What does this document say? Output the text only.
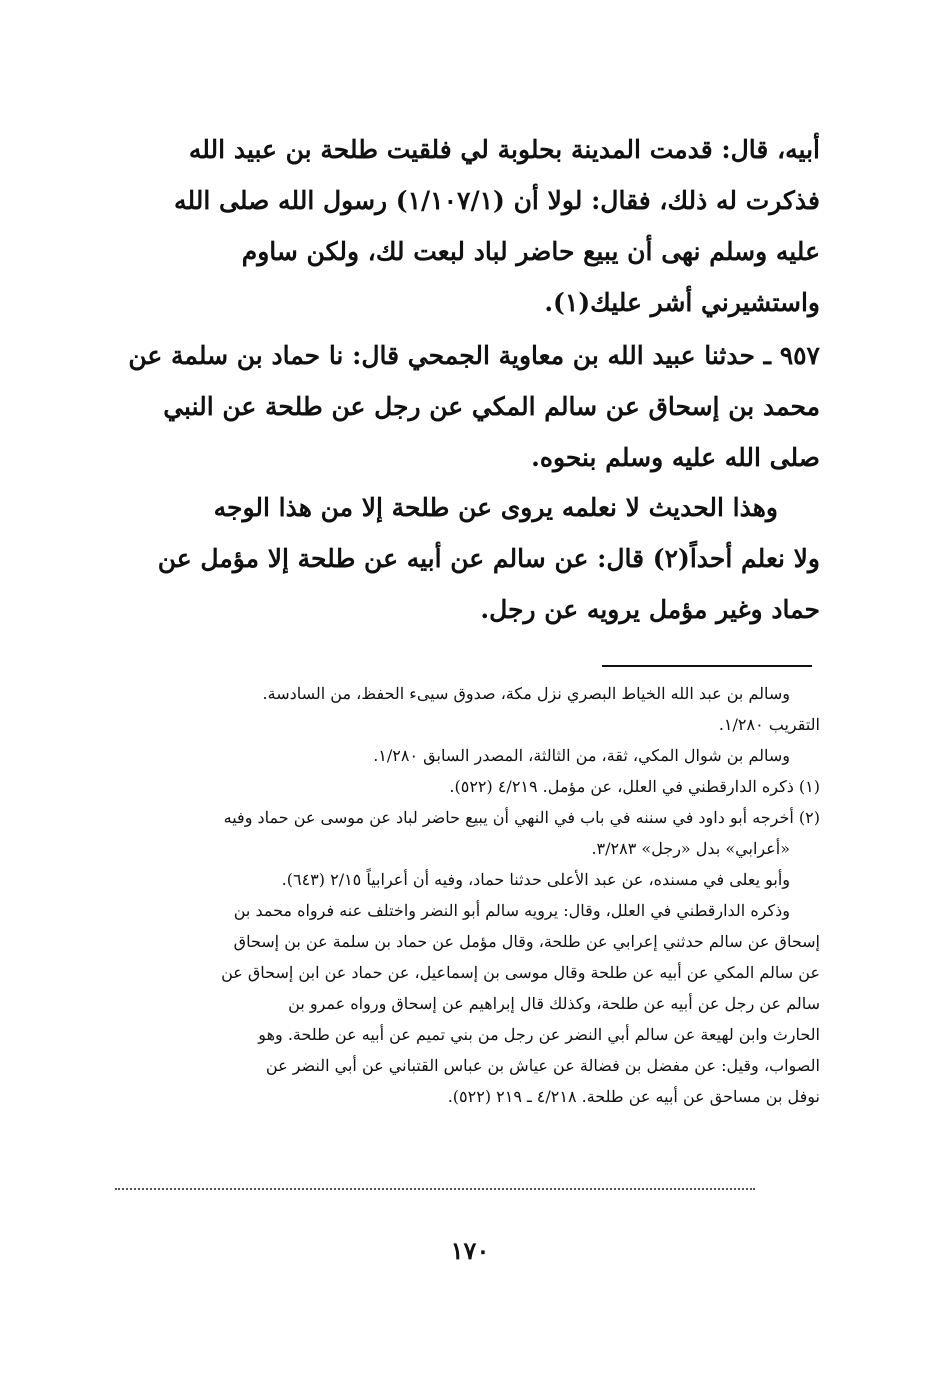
أبيه، قال: قدمت المدينة بحلوبة لي فلقيت طلحة بن عبيد الله
فذكرت له ذلك، فقال: لولا أن (١/١٠٧/١) رسول الله صلى الله
عليه وسلم نهى أن يبيع حاضر لباد لبعت لك، ولكن ساوم
واستشيرني أشر عليك(١).
٩٥٧ ـ حدثنا عبيد الله بن معاوية الجمحي قال: نا حماد بن سلمة عن
محمد بن إسحاق عن سالم المكي عن رجل عن طلحة عن النبي
صلى الله عليه وسلم بنحوه.
وهذا الحديث لا نعلمه يروى عن طلحة إلا من هذا الوجه
ولا نعلم أحداً(٢) قال: عن سالم عن أبيه عن طلحة إلا مؤمل عن
حماد وغير مؤمل يرويه عن رجل.
وسالم بن عبد الله الخياط البصري نزل مكة، صدوق سيىء الحفظ، من السادسة.
التقريب ١/٢٨٠.
وسالم بن شوال المكي، ثقة، من الثالثة، المصدر السابق ١/٢٨٠.
(١) ذكره الدارقطني في العلل، عن مؤمل. ٤/٢١٩ (٥٢٢).
(٢) أخرجه أبو داود في سننه في باب في النهي أن يبيع حاضر لباد عن موسى عن حماد وفيه
«أعرابي» بدل «رجل» ٣/٢٨٣.
وأبو يعلى في مسنده، عن عبد الأعلى حدثنا حماد، وفيه أن أعرابياً ٢/١٥ (٦٤٣).
وذكره الدارقطني في العلل، وقال: يرويه سالم أبو النضر واختلف عنه فرواه محمد بن
إسحاق عن سالم حدثني إعرابي عن طلحة، وقال مؤمل عن حماد بن سلمة عن بن إسحاق
عن سالم المكي عن أبيه عن طلحة وقال موسى بن إسماعيل، عن حماد عن ابن إسحاق عن
سالم عن رجل عن أبيه عن طلحة، وكذلك قال إبراهيم عن إسحاق ورواه عمرو بن
الحارث وابن لهيعة عن سالم أبي النضر عن رجل من بني تميم عن أبيه عن طلحة. وهو
الصواب، وقيل: عن مفضل بن فضالة عن عياش بن عباس القتباني عن أبي النضر عن
نوفل بن مساحق عن أبيه عن طلحة. ٤/٢١٨ ـ ٢١٩ (٥٢٢).
١٧٠
